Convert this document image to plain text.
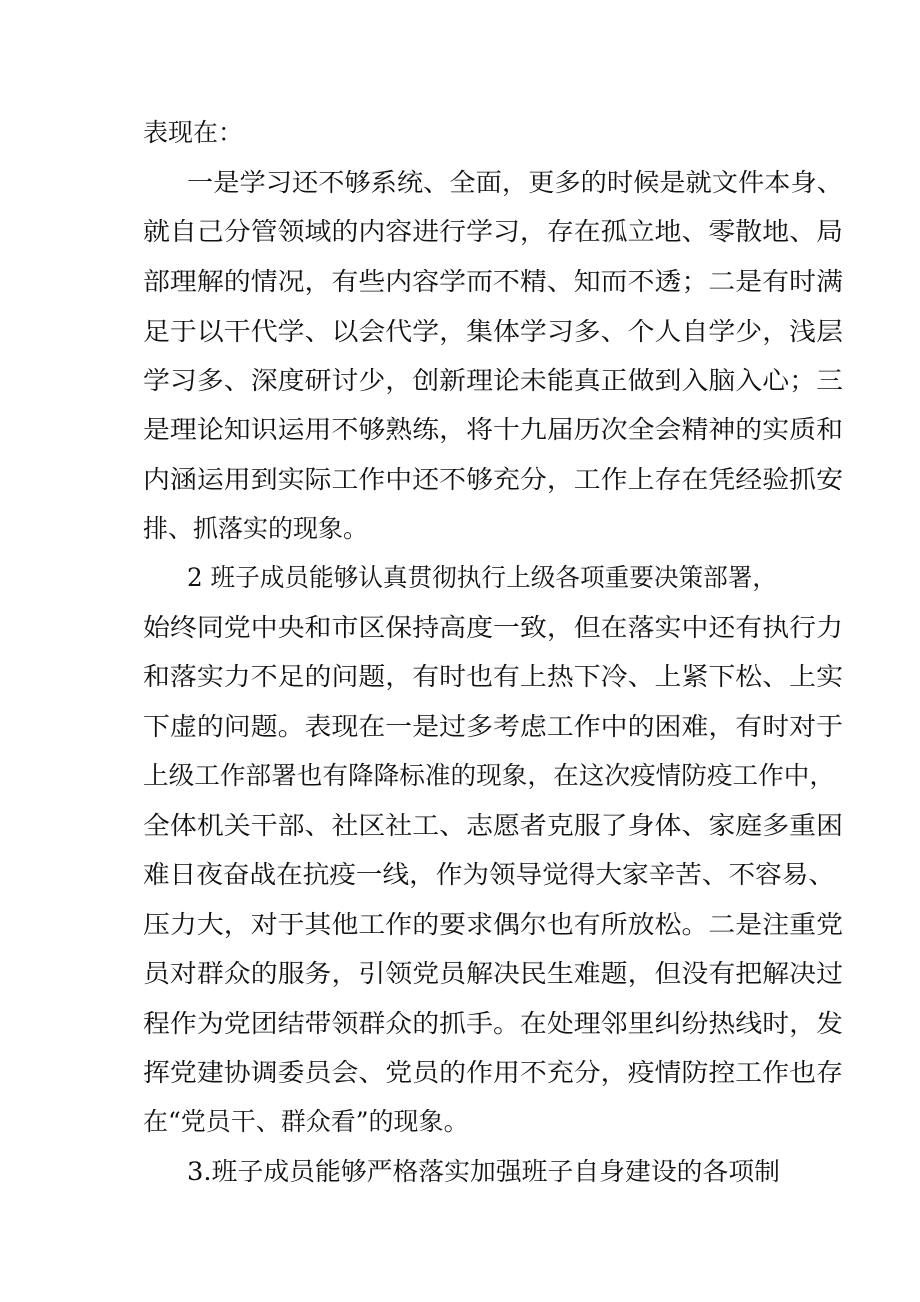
表现在：
一是学习还不够系统、全面，更多的时候是就文件本身、
就自己分管领域的内容进行学习，存在孤立地、零散地、局
部理解的情况，有些内容学而不精、知而不透；二是有时满
足于以干代学、以会代学，集体学习多、个人自学少，浅层
学习多、深度研讨少，创新理论未能真正做到入脑入心；三
是理论知识运用不够熟练，将十九届历次全会精神的实质和
内涵运用到实际工作中还不够充分，工作上存在凭经验抓安
排、抓落实的现象。
2 班子成员能够认真贯彻执行上级各项重要决策部署，
始终同党中央和市区保持高度一致，但在落实中还有执行力
和落实力不足的问题，有时也有上热下冷、上紧下松、上实
下虚的问题。表现在一是过多考虑工作中的困难，有时对于
上级工作部署也有降降标准的现象，在这次疫情防疫工作中，
全体机关干部、社区社工、志愿者克服了身体、家庭多重困
难日夜奋战在抗疫一线，作为领导觉得大家辛苦、不容易、
压力大，对于其他工作的要求偶尔也有所放松。二是注重党
员对群众的服务，引领党员解决民生难题，但没有把解决过
程作为党团结带领群众的抓手。在处理邻里纠纷热线时，发
挥党建协调委员会、党员的作用不充分，疫情防控工作也存
在“党员干、群众看”的现象。
3.班子成员能够严格落实加强班子自身建设的各项制
